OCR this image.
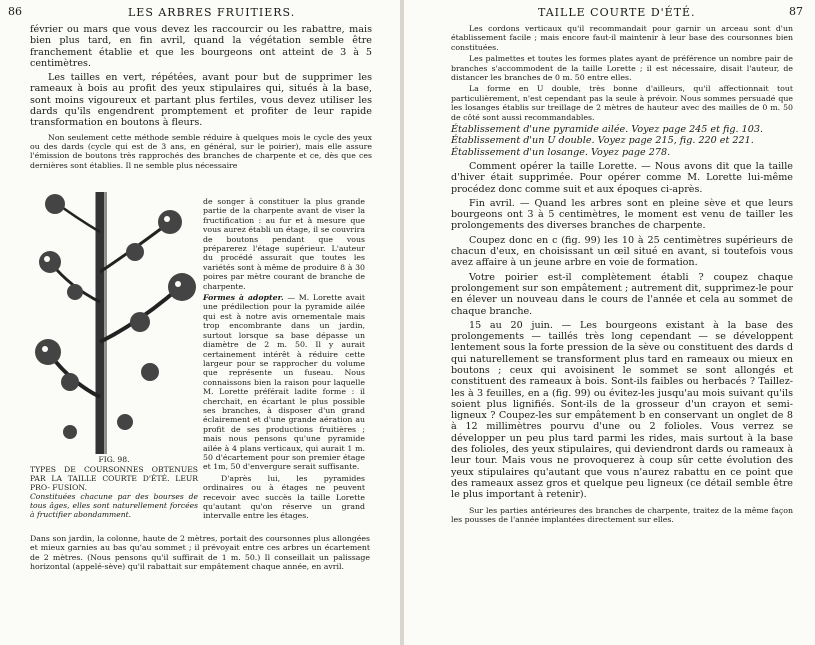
86	LES ARBRES FRUITIERS.

février ou mars que vous devez les raccourcir ou les rabattre, mais bien plus tard, en fin avril, quand la végétation semble être franchement établie et que les bourgeons ont atteint de 3 à 5 centimètres.

Les tailles en vert, répétées, avant pour but de supprimer les rameaux à bois au profit des yeux stipulaires qui, situés à la base, sont moins vigoureux et partant plus fertiles, vous devez utiliser les dards qu'ils engendrent promptement et profiter de leur rapide transformation en boutons à fleurs.

Non seulement cette méthode semble réduire à quelques mois le cycle des yeux ou des dards (cycle qui est de 3 ans, en général, sur le poirier), mais elle assure l'émission de boutons très rapprochés des branches de charpente et ce, dès que ces dernières sont établies. Il ne semble plus nécessaire

FIG. 98.
TYPES DE COURSONNES OBTENUES PAR LA TAILLE COURTE D'ÉTÉ. LEUR PRO- FUSION.
Constituées chacune par des bourses de tous âges, elles sont naturellement forcées à fructifier abondamment.

de songer à constituer la plus grande partie de la charpente avant de viser la fructification : au fur et à mesure que vous aurez établi un étage, il se couvrira de boutons pendant que vous préparerez l'étage supérieur. L'auteur du procédé assurait que toutes les variétés sont à même de produire 8 à 30 poires par mètre courant de branche de charpente.

Formes à adopter. — M. Lorette avait une prédilection pour la pyramide ailée qui est à notre avis ornementale mais trop encombrante dans un jardin, surtout lorsque sa base dépasse un diamètre de 2 m. 50. Il y aurait certainement intérêt à réduire cette largeur pour se rapprocher du volume que représente un fuseau. Nous connaissons bien la raison pour laquelle M. Lorette préférait ladite forme : il cherchait, en écartant le plus possible ses branches, à disposer d'un grand éclairement et d'une grande aération au profit de ses productions fruitières ; mais nous pensons qu'une pyramide ailée à 4 plans verticaux, qui aurait 1 m. 50 d'écartement pour son premier étage et 1m, 50 d'envergure serait suffisante.

D'après lui, les pyramides ordinaires ou à étages ne peuvent recevoir avec succès la taille Lorette qu'autant qu'on réserve un grand intervalle entre les étages.

Dans son jardin, la colonne, haute de 2 mètres, portait des coursonnes plus allongées et mieux garnies au bas qu'au sommet ; il prévoyait entre ces arbres un écartement de 2 mètres. (Nous pensons qu'il suffirait de 1 m. 50.) Il conseillait un palissage horizontal (appelé-sève) qu'il rabattait sur empâtement chaque année, en avril.
TAILLE COURTE D'ÉTÉ.	87

Les cordons verticaux qu'il recommandait pour garnir un arceau sont d'un établissement facile ; mais encore faut-il maintenir à leur base des coursonnes bien constituées.

Les palmettes et toutes les formes plates ayant de préférence un nombre pair de branches s'accommodent de la taille Lorette ; il est nécessaire, disait l'auteur, de distancer les branches de 0 m. 50 entre elles.

La forme en U double, très bonne d'ailleurs, qu'il affectionnait tout particulièrement, n'est cependant pas la seule à prévoir. Nous sommes persuadé que les losanges établis sur treillage de 2 mètres de hauteur avec des mailles de 0 m. 50 de côté sont aussi recommandables.

Établissement d'une pyramide ailée. Voyez page 245 et fig. 103.

Établissement d'un U double. Voyez page 215, fig. 220 et 221.

Établissement d'un losange. Voyez page 278.

Comment opérer la taille Lorette. — Nous avons dit que la taille d'hiver était supprimée. Pour opérer comme M. Lorette lui-même procédez donc comme suit et aux époques ci-après.

Fin avril. — Quand les arbres sont en pleine sève et que leurs bourgeons ont 3 à 5 centimètres, le moment est venu de tailler les prolongements des diverses branches de charpente.

Coupez donc en c (fig. 99) les 10 à 25 centimètres supérieurs de chacun d'eux, en choisissant un œil situé en avant, si toutefois vous avez affaire à un jeune arbre en voie de formation.

Votre poirier est-il complètement établi ? coupez chaque prolongement sur son empâtement ; autrement dit, supprimez-le pour en élever un nouveau dans le cours de l'année et cela au sommet de chaque branche.

15 au 20 juin. — Les bourgeons existant à la base des prolongements — taillés très long cependant — se développent lentement sous la forte pression de la sève ou constituent des dards d qui naturellement se transforment plus tard en rameaux ou mieux en boutons ; ceux qui avoisinent le sommet se sont allongés et constituent des rameaux à bois. Sont-ils faibles ou herbacés ? Taillez-les à 3 feuilles, en a (fig. 99) ou évitez-les jusqu'au mois suivant qu'ils soient plus lignifiés. Sont-ils de la grosseur d'un crayon et semi-ligneux ? Coupez-les sur empâtement b en conservant un onglet de 8 à 12 millimètres pourvu d'une ou 2 folioles. Vous verrez se développer un peu plus tard parmi les rides, mais surtout à la base des folioles, des yeux stipulaires, qui deviendront dards ou rameaux à leur tour. Mais vous ne provoquerez à coup sûr cette évolution des yeux stipulaires qu'autant que vous n'aurez rabattu en ce point que des rameaux assez gros et quelque peu ligneux (ce détail semble être le plus important à retenir).

Sur les parties antérieures des branches de charpente, traitez de la même façon les pousses de l'année implantées directement sur elles.
